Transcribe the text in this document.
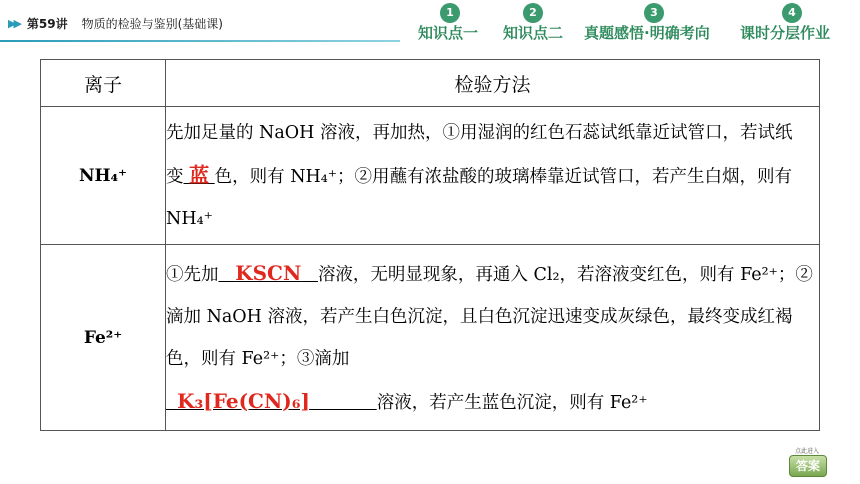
▶▶ 第59讲 物质的检验与鉴别(基础课)
1
知识点一
2
知识点二
3
真题感悟·明确考向
4
课时分层作业
离子	检验方法
NH₄⁺	先加足量的 NaOH 溶液，再加热，①用湿润的红色石蕊试纸靠近试管口，若试纸变 蓝 色，则有 NH₄⁺；②用蘸有浓盐酸的玻璃棒靠近试管口，若产生白烟，则有 NH₄⁺
Fe²⁺	①先加 KSCN 溶液，无明显现象，再通入 Cl₂，若溶液变红色，则有 Fe²⁺；②滴加 NaOH 溶液，若产生白色沉淀，且白色沉淀迅速变成灰绿色，最终变成红褐色，则有 Fe²⁺；③滴加
K₃[Fe(CN)₆] 溶液，若产生蓝色沉淀，则有 Fe²⁺
点此进入
答案
